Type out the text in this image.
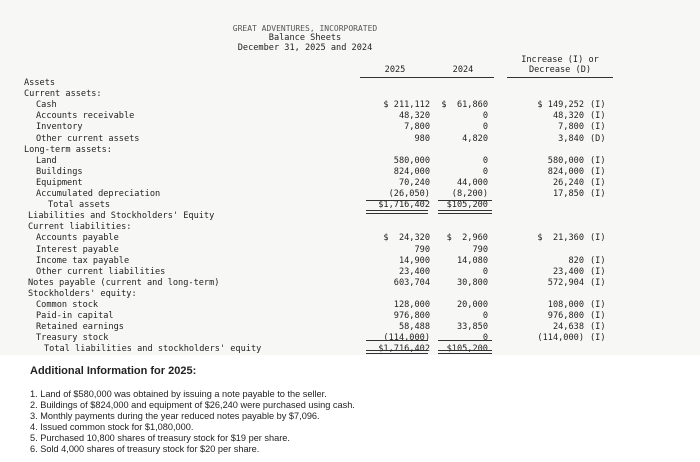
GREAT ADVENTURES, INCORPORATED
Balance Sheets
December 31, 2025 and 2024
2025	2024
Increase (I) or
Decrease (D)
Assets
Current assets:
Cash	$ 211,112	$  61,860	$ 149,252 (I)
Accounts receivable	48,320	0	48,320 (I)
Inventory	7,800	0	7,800 (I)
Other current assets	980	4,820	3,840 (D)
Long-term assets:
Land	580,000	0	580,000 (I)
Buildings	824,000	0	824,000 (I)
Equipment	70,240	44,000	26,240 (I)
Accumulated depreciation	(26,050)	(8,200)	17,850 (I)
Total assets	$1,716,402	$105,200
Liabilities and Stockholders' Equity
Current liabilities:
Accounts payable	$  24,320	$  2,960	$  21,360 (I)
Interest payable	790	790
Income tax payable	14,900	14,080	820 (I)
Other current liabilities	23,400	0	23,400 (I)
Notes payable (current and long-term)	603,704	30,800	572,904 (I)
Stockholders' equity:
Common stock	128,000	20,000	108,000 (I)
Paid-in capital	976,800	0	976,800 (I)
Retained earnings	58,488	33,850	24,638 (I)
Treasury stock	(114,000)	0	(114,000) (I)
Total liabilities and stockholders' equity	$1,716,402	$105,200
Additional Information for 2025:
1. Land of $580,000 was obtained by issuing a note payable to the seller.
2. Buildings of $824,000 and equipment of $26,240 were purchased using cash.
3. Monthly payments during the year reduced notes payable by $7,096.
4. Issued common stock for $1,080,000.
5. Purchased 10,800 shares of treasury stock for $19 per share.
6. Sold 4,000 shares of treasury stock for $20 per share.
